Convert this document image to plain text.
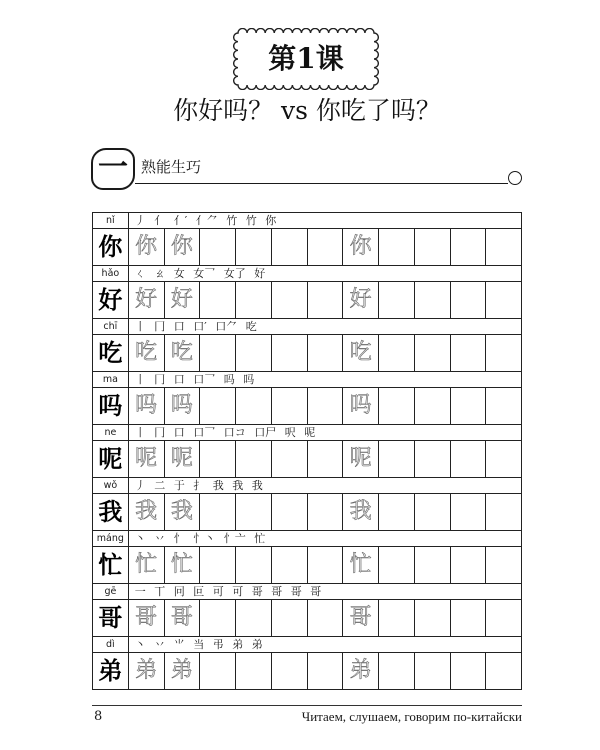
第1课
你好吗？ vs 你吃了吗？
一 熟能生巧
nǐ	丿 亻 亻′ 亻⺈ 竹 竹 你
你 你 你	你
hǎo	ㄑ ㄠ 女 女乛 女了 好
好 好 好	好
chī	丨 冂 口 口′ 口⺈ 吃
吃 吃 吃	吃
ma	丨 冂 口 口乛 吗 吗
吗 吗 吗	吗
ne	丨 冂 口 口乛 口コ 口尸 呎 呢
呢 呢 呢	呢
wǒ	丿 二 于 扌 我 我 我
我 我 我	我
máng 丶 丷 忄 忄丶 忄亠 忙
忙 忙 忙	忙
gē	一 丅 冋 叵 可 可 哥 哥 哥 哥
哥 哥 哥	哥
dì	丶 丷 ⺌ 当 弔 弟 弟
弟 弟 弟	弟
8	Читаем, слушаем, говорим по-китайски
